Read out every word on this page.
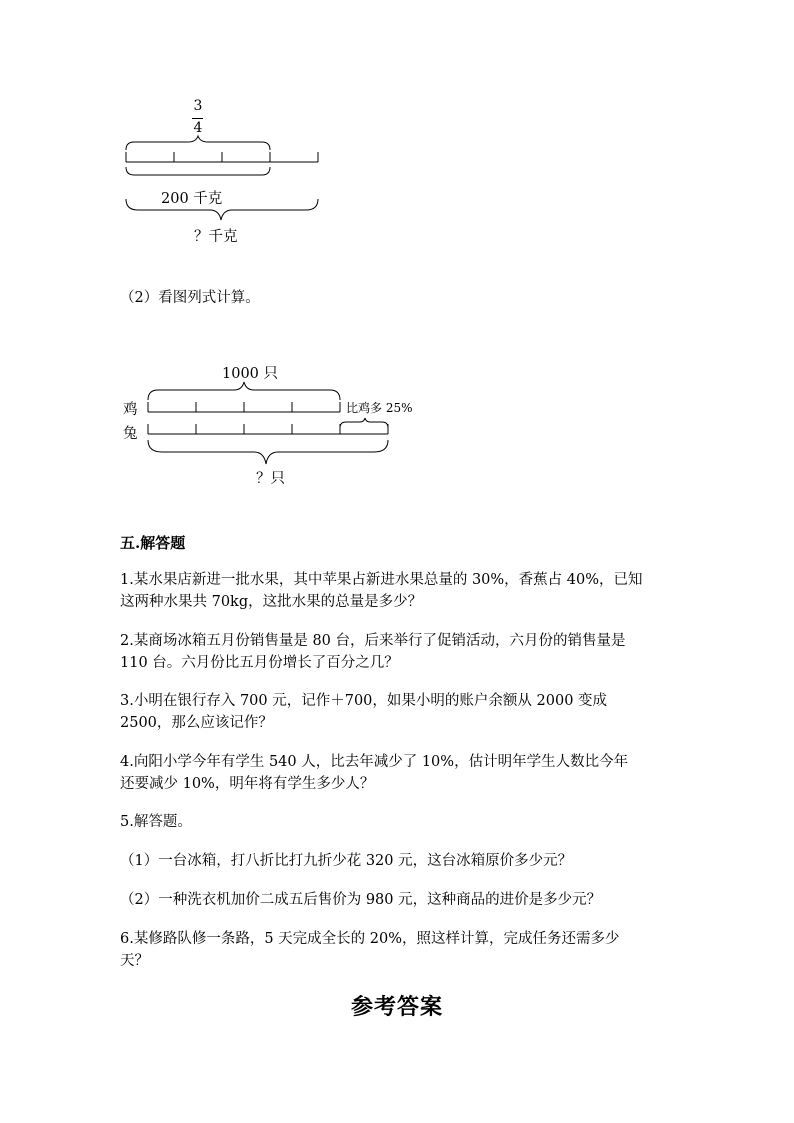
3
4
200 千克
？千克
（2）看图列式计算。
1000 只
鸡
兔
比鸡多 25%
？只
五.解答题
1.某水果店新进一批水果，其中苹果占新进水果总量的 30%，香蕉占 40%，已知
这两种水果共 70kg，这批水果的总量是多少？
2.某商场冰箱五月份销售量是 80 台，后来举行了促销活动，六月份的销售量是
110 台。六月份比五月份增长了百分之几？
3.小明在银行存入 700 元，记作＋700，如果小明的账户余额从 2000 变成
2500，那么应该记作？
4.向阳小学今年有学生 540 人，比去年减少了 10%，估计明年学生人数比今年
还要减少 10%，明年将有学生多少人？
5.解答题。
（1）一台冰箱，打八折比打九折少花 320 元，这台冰箱原价多少元？
（2）一种洗衣机加价二成五后售价为 980 元，这种商品的进价是多少元？
6.某修路队修一条路，5 天完成全长的 20%，照这样计算，完成任务还需多少
天？
参考答案
